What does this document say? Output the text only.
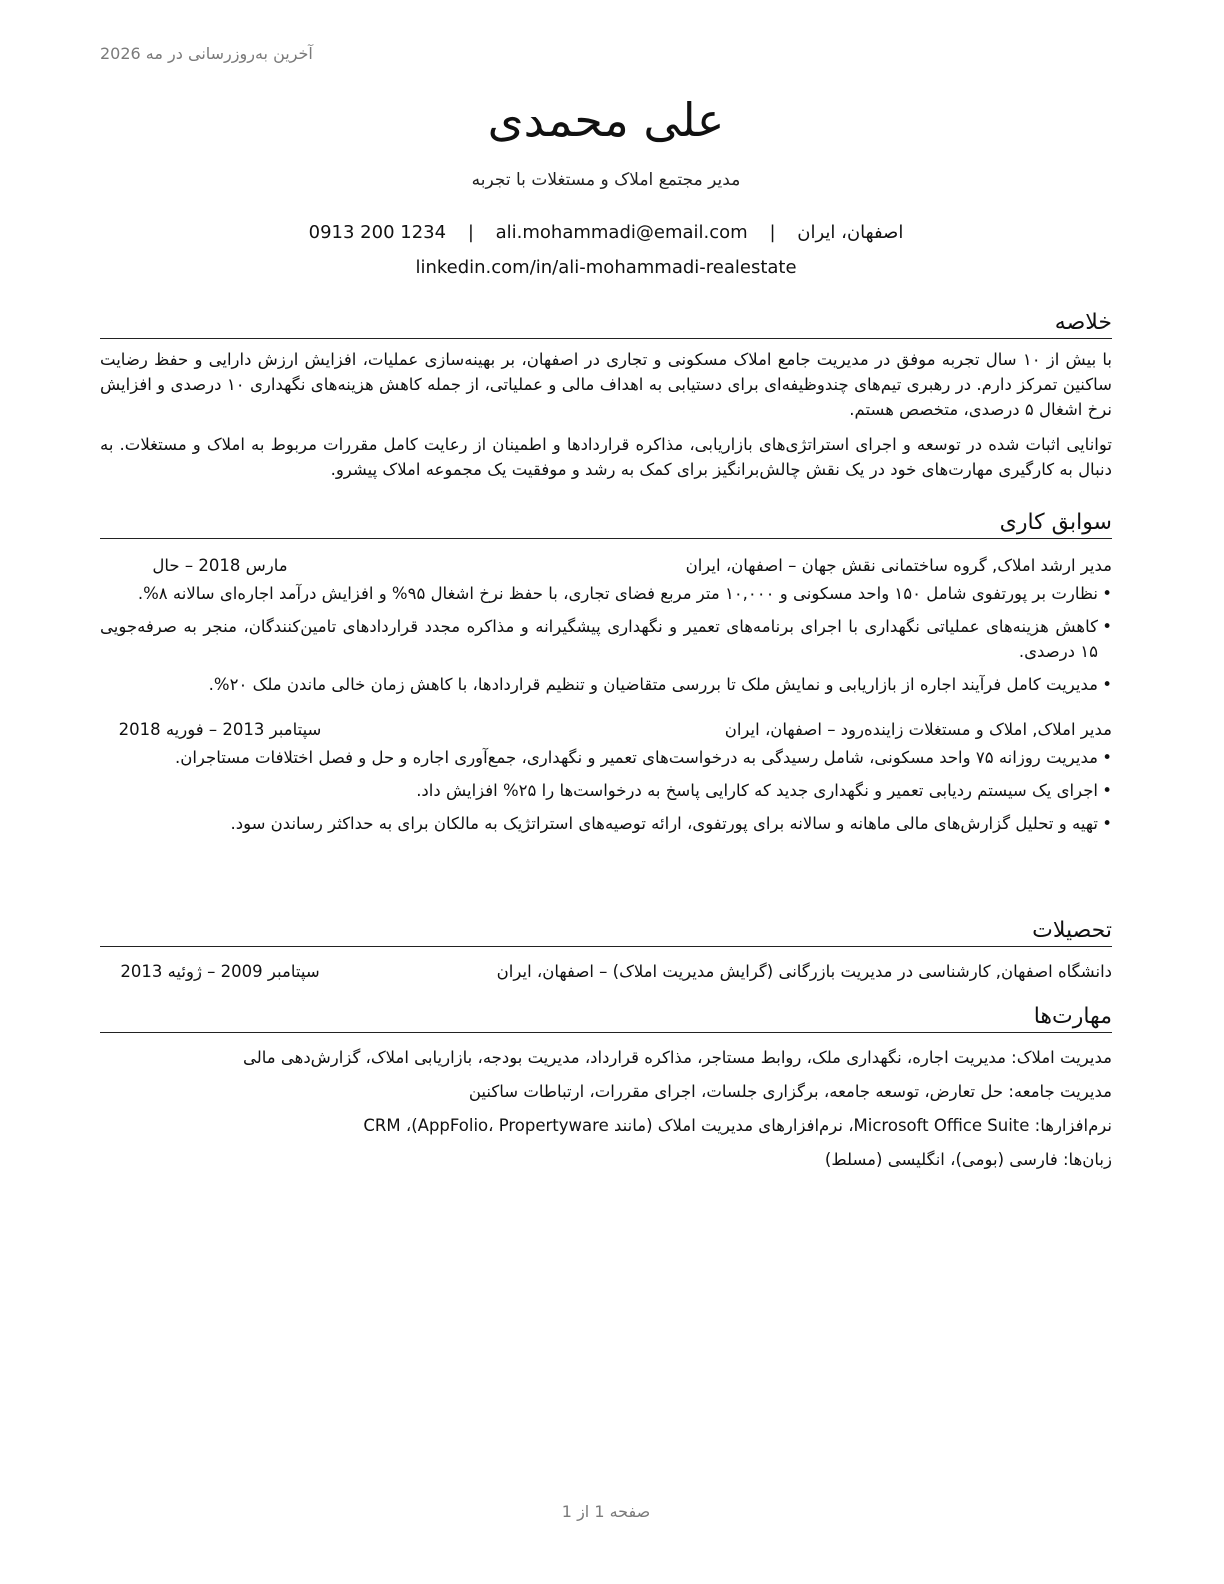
آخرین به‌روزرسانی در مه 2026
علی محمدی
مدیر مجتمع املاک و مستغلات با تجربه
اصفهان، ایران | ali.mohammadi@email.com | 0913 200 1234
linkedin.com/in/ali-mohammadi-realestate
خلاصه

با بیش از ۱۰ سال تجربه موفق در مدیریت جامع املاک مسکونی و تجاری در اصفهان، بر بهینه‌سازی عملیات، افزایش ارزش دارایی و حفظ رضایت ساکنین تمرکز دارم. در رهبری تیم‌های چندوظیفه‌ای برای دستیابی به اهداف مالی و عملیاتی، از جمله کاهش هزینه‌های نگهداری ۱۰ درصدی و افزایش نرخ اشغال ۵ درصدی، متخصص هستم.

توانایی اثبات شده در توسعه و اجرای استراتژی‌های بازاریابی، مذاکره قراردادها و اطمینان از رعایت کامل مقررات مربوط به املاک و مستغلات. به دنبال به کارگیری مهارت‌های خود در یک نقش چالش‌برانگیز برای کمک به رشد و موفقیت یک مجموعه املاک پیشرو.

سوابق کاری
مدیر ارشد املاک, گروه ساختمانی نقش جهان – اصفهان، ایران
مارس 2018 – حال
• نظارت بر پورتفوی شامل ۱۵۰ واحد مسکونی و ۱۰,۰۰۰ متر مربع فضای تجاری، با حفظ نرخ اشغال ۹۵% و افزایش درآمد اجاره‌ای سالانه ۸%.
• کاهش هزینه‌های عملیاتی نگهداری با اجرای برنامه‌های تعمیر و نگهداری پیشگیرانه و مذاکره مجدد قراردادهای تامین‌کنندگان، منجر به صرفه‌جویی ۱۵ درصدی.
• مدیریت کامل فرآیند اجاره از بازاریابی و نمایش ملک تا بررسی متقاضیان و تنظیم قراردادها، با کاهش زمان خالی ماندن ملک ۲۰%.
مدیر املاک, املاک و مستغلات زاینده‌رود – اصفهان، ایران
سپتامبر 2013 – فوریه 2018
• مدیریت روزانه ۷۵ واحد مسکونی، شامل رسیدگی به درخواست‌های تعمیر و نگهداری، جمع‌آوری اجاره و حل و فصل اختلافات مستاجران.
• اجرای یک سیستم ردیابی تعمیر و نگهداری جدید که کارایی پاسخ به درخواست‌ها را ۲۵% افزایش داد.
• تهیه و تحلیل گزارش‌های مالی ماهانه و سالانه برای پورتفوی، ارائه توصیه‌های استراتژیک به مالکان برای به حداکثر رساندن سود.
تحصیلات
دانشگاه اصفهان, کارشناسی در مدیریت بازرگانی (گرایش مدیریت املاک) – اصفهان، ایران
سپتامبر 2009 – ژوئیه 2013
مهارت‌ها
مدیریت املاک: مدیریت اجاره، نگهداری ملک، روابط مستاجر، مذاکره قرارداد، مدیریت بودجه، بازاریابی املاک، گزارش‌دهی مالی
مدیریت جامعه: حل تعارض، توسعه جامعه، برگزاری جلسات، اجرای مقررات، ارتباطات ساکنین
نرم‌افزارها: Microsoft Office Suite، نرم‌افزارهای مدیریت املاک (مانند AppFolio، Propertyware)، CRM
زبان‌ها: فارسی (بومی)، انگلیسی (مسلط)
صفحه 1 از 1
